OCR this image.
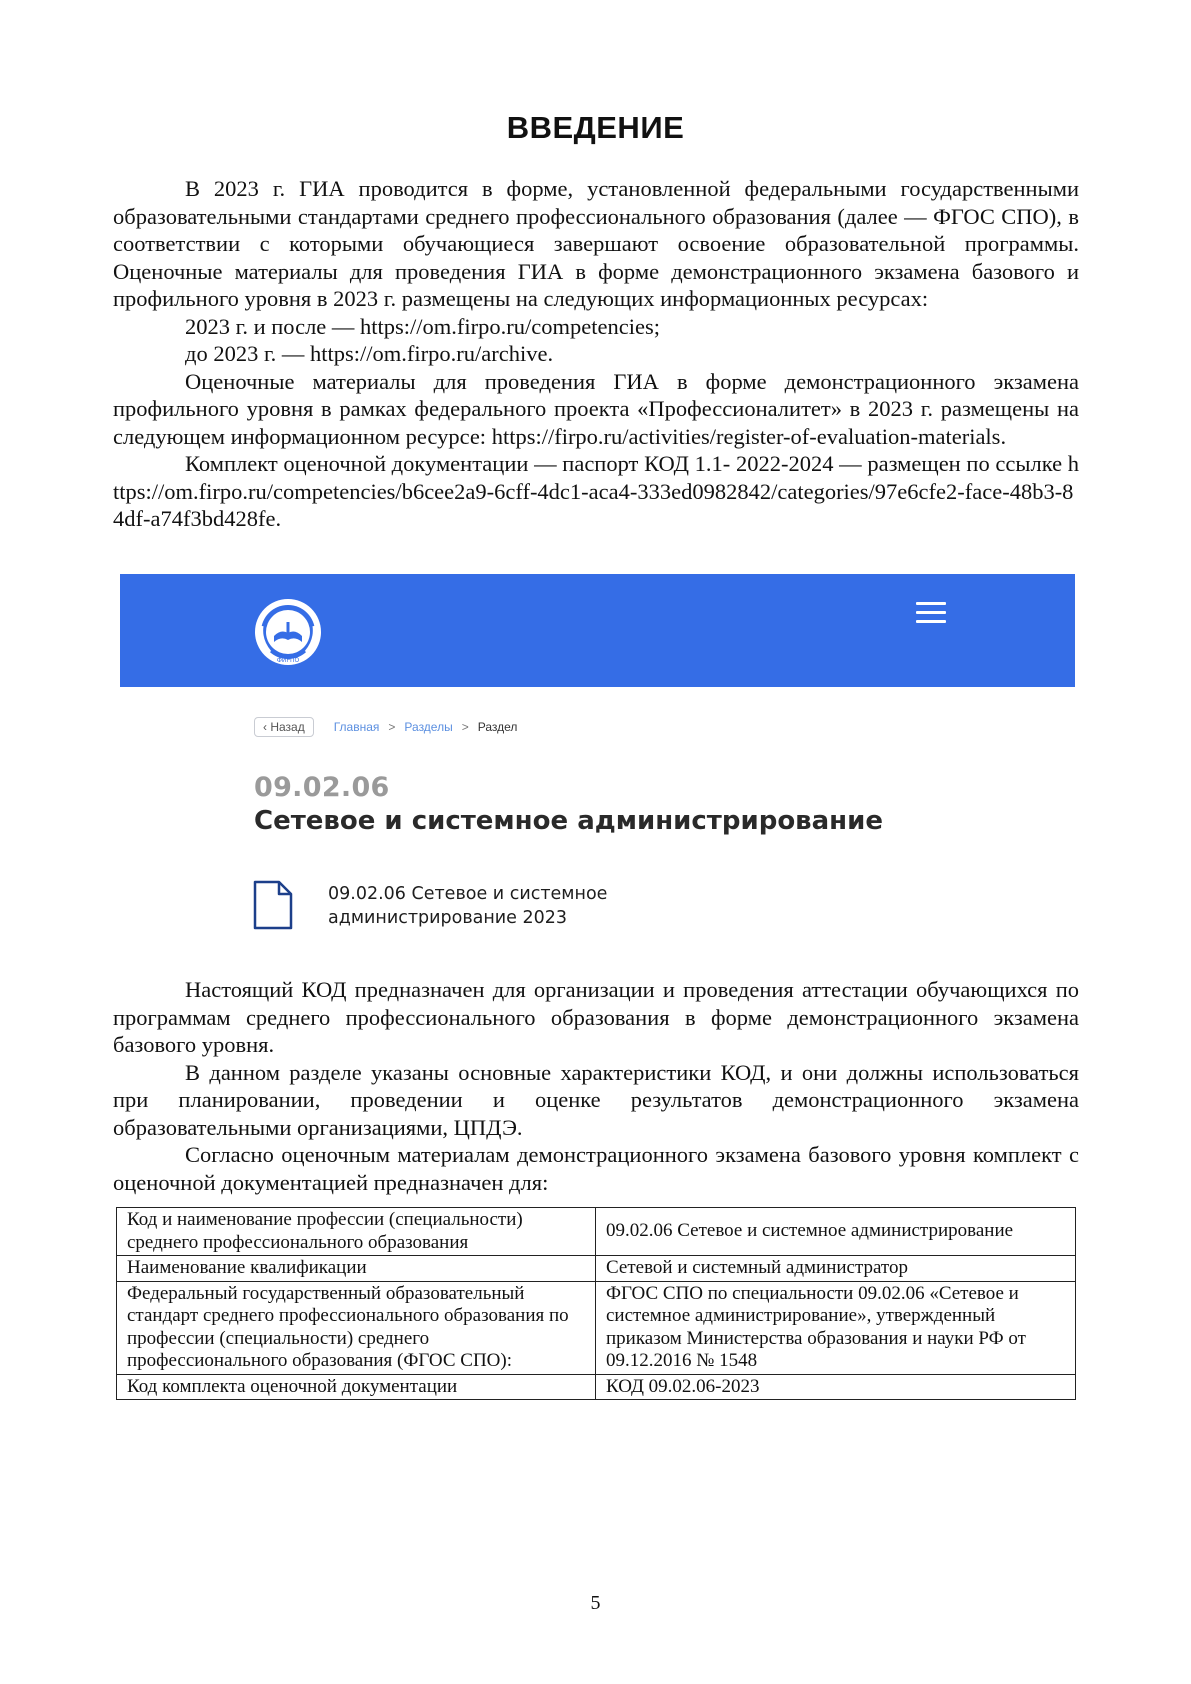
ВВЕДЕНИЕ

В 2023 г. ГИА проводится в форме, установленной федеральными государственными образовательными стандартами среднего профессионального образования (далее — ФГОС СПО), в соответствии с которыми обучающиеся завершают освоение образовательной программы. Оценочные материалы для проведения ГИА в форме демонстрационного экзамена базового и профильного уровня в 2023 г. размещены на следующих информационных ресурсах:

2023 г. и после — https://om.firpo.ru/competencies;

до 2023 г. — https://om.firpo.ru/archive.

Оценочные материалы для проведения ГИА в форме демонстрационного экзамена профильного уровня в рамках федерального проекта «Профессионалитет» в 2023 г. размещены на следующем информационном ресурсе: https://firpo.ru/activities/register-of-evaluation-materials.

Комплект оценочной документации — паспорт КОД 1.1- 2022-2024 — размещен по ссылке https://om.firpo.ru/competencies/b6cee2a9-6cff-4dc1-aca4-333ed0982842/categories/97e6cfe2-face-48b3-84df-a74f3bd428fe.

ФИРПО
‹ Назад	Главная > Разделы > Раздел
09.02.06
Сетевое и системное администрирование
09.02.06 Сетевое и системное администрирование 2023

Настоящий КОД предназначен для организации и проведения аттестации обучающихся по программам среднего профессионального образования в форме демонстрационного экзамена базового уровня.

В данном разделе указаны основные характеристики КОД, и они должны использоваться при планировании, проведении и оценке результатов демонстрационного экзамена образовательными организациями, ЦПДЭ.

Согласно оценочным материалам демонстрационного экзамена базового уровня комплект с оценочной документацией предназначен для:

Код и наименование профессии (специальности) среднего профессионального образования	09.02.06 Сетевое и системное администрирование
Наименование квалификации	Сетевой и системный администратор
Федеральный государственный образовательный стандарт среднего профессионального образования по профессии (специальности) среднего профессионального образования (ФГОС СПО):	ФГОС СПО по специальности 09.02.06 «Сетевое и системное администрирование», утвержденный приказом Министерства образования и науки РФ от 09.12.2016 № 1548
Код комплекта оценочной документации	КОД 09.02.06-2023
5
